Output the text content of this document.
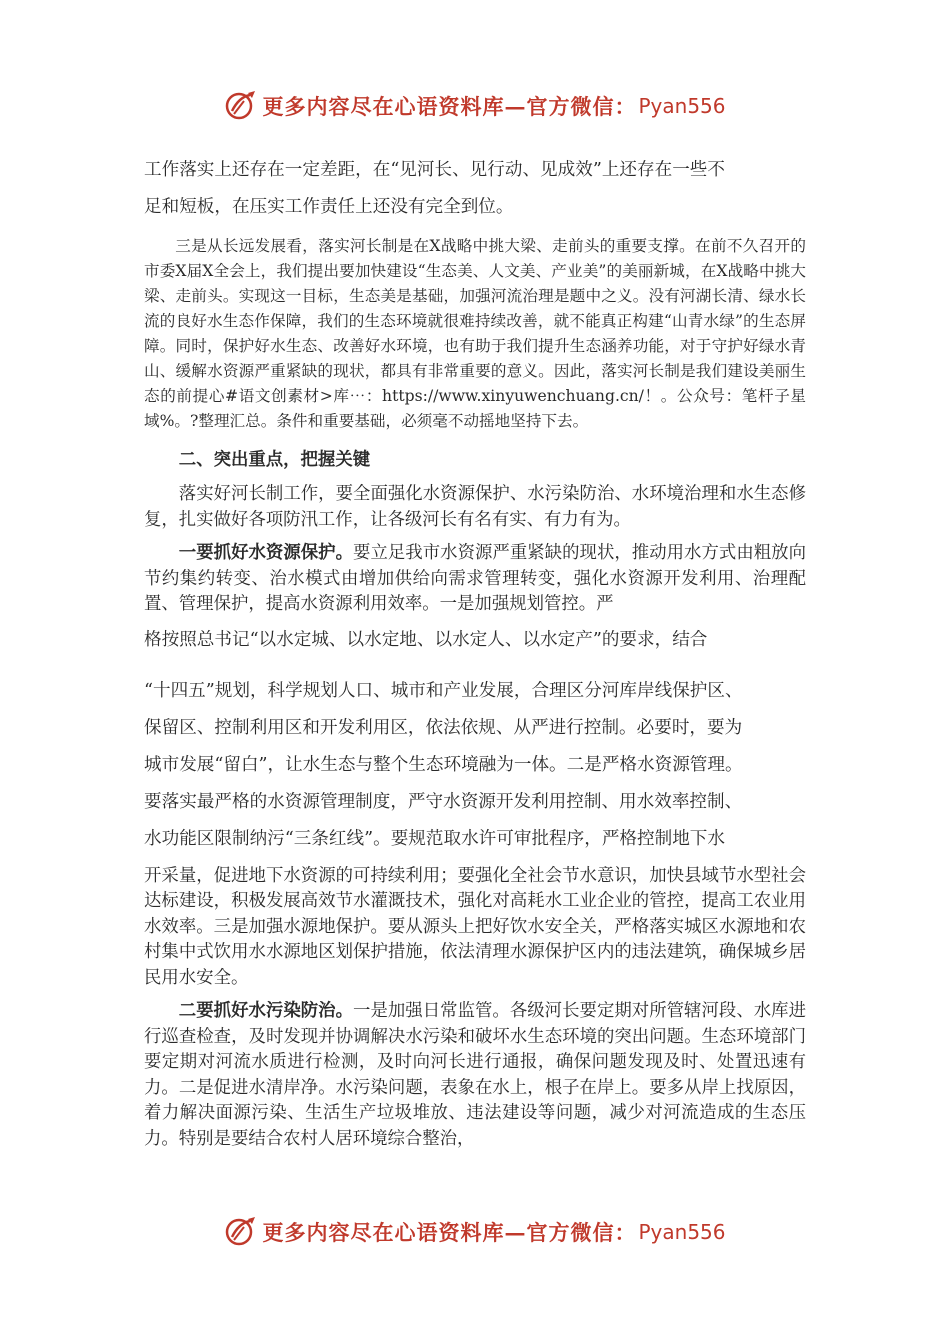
更多内容尽在心语资料库—官方微信： Pyan556

工作落实上还存在一定差距，在“见河长、见行动、见成效”上还存在一些不
足和短板，在压实工作责任上还没有完全到位。

三是从长远发展看，落实河长制是在X战略中挑大梁、走前头的重要支撑。在前不久召开的市委X届X全会上，我们提出要加快建设“生态美、人文美、产业美”的美丽新城，在X战略中挑大梁、走前头。实现这一目标，生态美是基础，加强河流治理是题中之义。没有河湖长清、绿水长流的良好水生态作保障，我们的生态环境就很难持续改善，就不能真正构建“山青水绿”的生态屏障。同时，保护好水生态、改善好水环境，也有助于我们提升生态涵养功能，对于守护好绿水青山、缓解水资源严重紧缺的现状，都具有非常重要的意义。因此，落实河长制是我们建设美丽生态的前提心#语文创素材>库⋯：https://www.xinyuwenchuang.cn/！。公众号：笔杆子星域%。?整理汇总。条件和重要基础，必须毫不动摇地坚持下去。

二、突出重点，把握关键

落实好河长制工作，要全面强化水资源保护、水污染防治、水环境治理和水生态修复，扎实做好各项防汛工作，让各级河长有名有实、有力有为。

一要抓好水资源保护。要立足我市水资源严重紧缺的现状，推动用水方式由粗放向节约集约转变、治水模式由增加供给向需求管理转变，强化水资源开发利用、治理配置、管理保护，提高水资源利用效率。一是加强规划管控。严

格按照总书记“以水定城、以水定地、以水定人、以水定产”的要求，结合

“十四五”规划，科学规划人口、城市和产业发展，合理区分河库岸线保护区、
保留区、控制利用区和开发利用区，依法依规、从严进行控制。必要时，要为
城市发展“留白”，让水生态与整个生态环境融为一体。二是严格水资源管理。
要落实最严格的水资源管理制度，严守水资源开发利用控制、用水效率控制、
水功能区限制纳污“三条红线”。要规范取水许可审批程序，严格控制地下水

开采量，促进地下水资源的可持续利用；要强化全社会节水意识，加快县域节水型社会达标建设，积极发展高效节水灌溉技术，强化对高耗水工业企业的管控，提高工农业用水效率。三是加强水源地保护。要从源头上把好饮水安全关，严格落实城区水源地和农村集中式饮用水水源地区划保护措施，依法清理水源保护区内的违法建筑，确保城乡居民用水安全。

二要抓好水污染防治。一是加强日常监管。各级河长要定期对所管辖河段、水库进行巡查检查，及时发现并协调解决水污染和破坏水生态环境的突出问题。生态环境部门要定期对河流水质进行检测，及时向河长进行通报，确保问题发现及时、处置迅速有力。二是促进水清岸净。水污染问题，表象在水上，根子在岸上。要多从岸上找原因，着力解决面源污染、生活生产垃圾堆放、违法建设等问题，减少对河流造成的生态压力。特别是要结合农村人居环境综合整治，

更多内容尽在心语资料库—官方微信： Pyan556
